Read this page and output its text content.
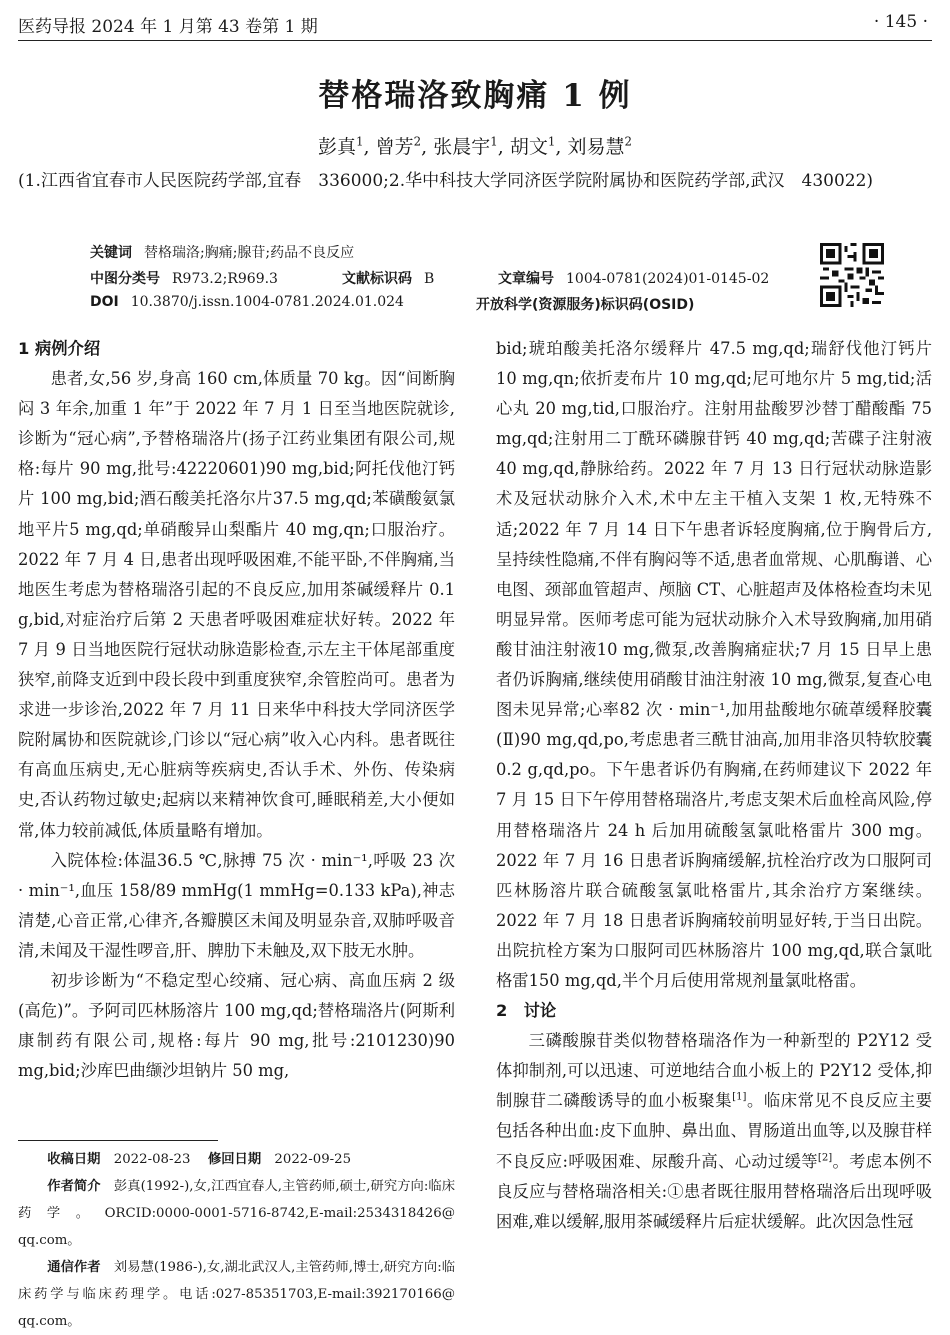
医药导报 2024 年 1 月第 43 卷第 1 期	· 145 ·
替格瑞洛致胸痛 1 例
彭真$^1$, 曾芳$^2$, 张晨宇$^1$, 胡文$^1$, 刘易慧$^2$
(1.江西省宜春市人民医院药学部,宜春　336000;2.华中科技大学同济医学院附属协和医院药学部,武汉　430022)
关键词 替格瑞洛;胸痛;腺苷;药品不良反应
中图分类号 R973.2;R969.3	文献标识码 B	文章编号 1004-0781(2024)01-0145-02
DOI 10.3870/j.issn.1004-0781.2024.01.024	开放科学(资源服务)标识码(OSID)
1 病例介绍

患者,女,56 岁,身高 160 cm,体质量 70 kg。因“间断胸闷 3 年余,加重 1 年”于 2022 年 7 月 1 日至当地医院就诊,诊断为“冠心病”,予替格瑞洛片(扬子江药业集团有限公司,规格:每片 90 mg,批号:42220601)90 mg,bid;阿托伐他汀钙片 100 mg,bid;酒石酸美托洛尔片37.5 mg,qd;苯磺酸氨氯地平片5 mg,qd;单硝酸异山梨酯片 40 mg,qn;口服治疗。2022 年 7 月 4 日,患者出现呼吸困难,不能平卧,不伴胸痛,当地医生考虑为替格瑞洛引起的不良反应,加用茶碱缓释片 0.1 g,bid,对症治疗后第 2 天患者呼吸困难症状好转。2022 年 7 月 9 日当地医院行冠状动脉造影检查,示左主干体尾部重度狭窄,前降支近到中段长段中到重度狭窄,余管腔尚可。患者为求进一步诊治,2022 年 7 月 11 日来华中科技大学同济医学院附属协和医院就诊,门诊以“冠心病”收入心内科。患者既往有高血压病史,无心脏病等疾病史,否认手术、外伤、传染病史,否认药物过敏史;起病以来精神饮食可,睡眠稍差,大小便如常,体力较前减低,体质量略有增加。

入院体检:体温36.5 ℃,脉搏 75 次 · min⁻¹,呼吸 23 次 · min⁻¹,血压 158/89 mmHg(1 mmHg=0.133 kPa),神志清楚,心音正常,心律齐,各瓣膜区未闻及明显杂音,双肺呼吸音清,未闻及干湿性啰音,肝、脾肋下未触及,双下肢无水肿。

初步诊断为“不稳定型心绞痛、冠心病、高血压病 2 级(高危)”。予阿司匹林肠溶片 100 mg,qd;替格瑞洛片(阿斯利康制药有限公司,规格:每片 90 mg,批号:2101230)90 mg,bid;沙库巴曲缬沙坦钠片 50 mg,

bid;琥珀酸美托洛尔缓释片 47.5 mg,qd;瑞舒伐他汀钙片 10 mg,qn;依折麦布片 10 mg,qd;尼可地尔片 5 mg,tid;活心丸 20 mg,tid,口服治疗。注射用盐酸罗沙替丁醋酸酯 75 mg,qd;注射用二丁酰环磷腺苷钙 40 mg,qd;苦碟子注射液 40 mg,qd,静脉给药。2022 年 7 月 13 日行冠状动脉造影术及冠状动脉介入术,术中左主干植入支架 1 枚,无特殊不适;2022 年 7 月 14 日下午患者诉轻度胸痛,位于胸骨后方,呈持续性隐痛,不伴有胸闷等不适,患者血常规、心肌酶谱、心电图、颈部血管超声、颅脑 CT、心脏超声及体格检查均未见明显异常。医师考虑可能为冠状动脉介入术导致胸痛,加用硝酸甘油注射液10 mg,微泵,改善胸痛症状;7 月 15 日早上患者仍诉胸痛,继续使用硝酸甘油注射液 10 mg,微泵,复查心电图未见异常;心率82 次 · min⁻¹,加用盐酸地尔硫䓬缓释胶囊(Ⅱ)90 mg,qd,po,考虑患者三酰甘油高,加用非洛贝特软胶囊 0.2 g,qd,po。下午患者诉仍有胸痛,在药师建议下 2022 年 7 月 15 日下午停用替格瑞洛片,考虑支架术后血栓高风险,停用替格瑞洛片 24 h 后加用硫酸氢氯吡格雷片 300 mg。2022 年 7 月 16 日患者诉胸痛缓解,抗栓治疗改为口服阿司匹林肠溶片联合硫酸氢氯吡格雷片,其余治疗方案继续。2022 年 7 月 18 日患者诉胸痛较前明显好转,于当日出院。出院抗栓方案为口服阿司匹林肠溶片 100 mg,qd,联合氯吡格雷150 mg,qd,半个月后使用常规剂量氯吡格雷。

2　讨论

三磷酸腺苷类似物替格瑞洛作为一种新型的 P2Y12 受体抑制剂,可以迅速、可逆地结合血小板上的 P2Y12 受体,抑制腺苷二磷酸诱导的血小板聚集[1]。临床常见不良反应主要包括各种出血:皮下血肿、鼻出血、胃肠道出血等,以及腺苷样不良反应:呼吸困难、尿酸升高、心动过缓等[2]。考虑本例不良反应与替格瑞洛相关:①患者既往服用替格瑞洛后出现呼吸困难,难以缓解,服用茶碱缓释片后症状缓解。此次因急性冠

收稿日期　 2022-08-23　 修回日期　 2022-09-25

作者简介　 彭真(1992-),女,江西宜春人,主管药师,硕士,研究方向:临床药学。ORCID:0000-0001-5716-8742,E-mail:2534318426@ qq.com。

通信作者　 刘易慧(1986-),女,湖北武汉人,主管药师,博士,研究方向:临床药学与临床药理学。电话:027-85351703,E-mail:392170166@ qq.com。
